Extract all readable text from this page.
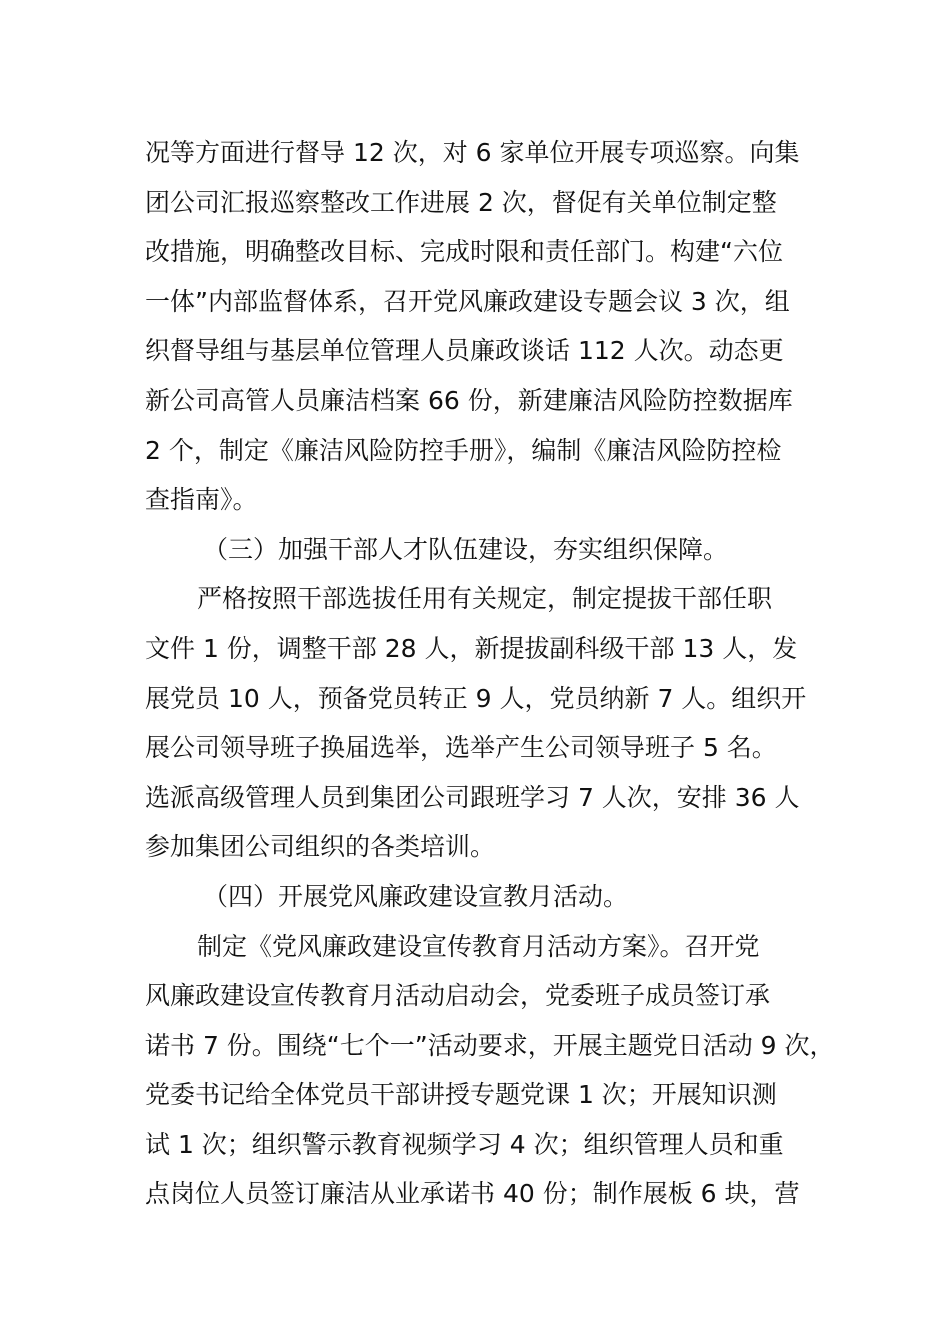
况等方面进行督导 12 次，对 6 家单位开展专项巡察。向集
团公司汇报巡察整改工作进展 2 次，督促有关单位制定整
改措施，明确整改目标、完成时限和责任部门。构建“六位
一体”内部监督体系，召开党风廉政建设专题会议 3 次，组
织督导组与基层单位管理人员廉政谈话 112 人次。动态更
新公司高管人员廉洁档案 66 份，新建廉洁风险防控数据库
2 个，制定《廉洁风险防控手册》，编制《廉洁风险防控检
查指南》。
（三）加强干部人才队伍建设，夯实组织保障。
严格按照干部选拔任用有关规定，制定提拔干部任职
文件 1 份，调整干部 28 人，新提拔副科级干部 13 人，发
展党员 10 人，预备党员转正 9 人，党员纳新 7 人。组织开
展公司领导班子换届选举，选举产生公司领导班子 5 名。
选派高级管理人员到集团公司跟班学习 7 人次，安排 36 人
参加集团公司组织的各类培训。
（四）开展党风廉政建设宣教月活动。
制定《党风廉政建设宣传教育月活动方案》。召开党
风廉政建设宣传教育月活动启动会，党委班子成员签订承
诺书 7 份。围绕“七个一”活动要求，开展主题党日活动 9 次，
党委书记给全体党员干部讲授专题党课 1 次；开展知识测
试 1 次；组织警示教育视频学习 4 次；组织管理人员和重
点岗位人员签订廉洁从业承诺书 40 份；制作展板 6 块，营
